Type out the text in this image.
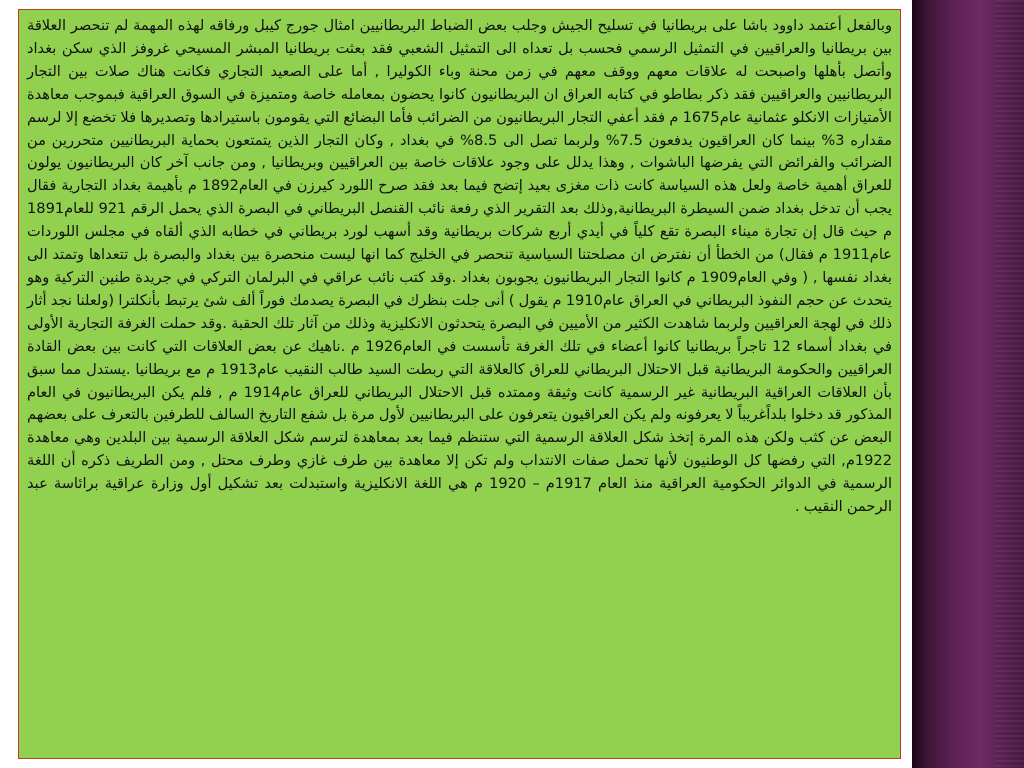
وبالفعل أعتمد داوود باشا على بريطانيا في تسليح الجيش وجلب بعض الضباط البريطانيين امثال جورج كيبل ورفاقه لهذه المهمة لم تنحصر العلاقة بين بريطانيا والعراقيين في التمثيل الرسمي فحسب بل تعداه الى التمثيل الشعبي فقد بعثت بريطانيا المبشر المسيحي غروفز الذي سكن بغداد وأتصل بأهلها واصبحت له علاقات معهم ووقف معهم في زمن محنة وباء الكوليرا , أما على الصعيد التجاري فكانت هناك صلات بين التجار البريطانيين والعراقيين فقد ذكر بطاطو في كتابه العراق ان البريطانيون كانوا يحضون بمعامله خاصة ومتميزة في السوق العراقية فبموجب معاهدة الأمتيازات الانكلو عثمانية عام1675 م فقد أعفي التجار البريطانيون من الضرائب فأما البضائع التي يقومون باستيرادها وتصديرها فلا تخضع إلا لرسم مقداره 3% بينما كان العراقيون يدفعون 7.5% ولربما تصل الى 8.5% في بغداد , وكان التجار الذين يتمتعون بحماية البريطانيين متحررين من الضرائب والفرائض التي يفرضها الباشوات , وهذا يدلل على وجود علاقات خاصة بين العراقيين وبريطانيا , ومن جانب آخر كان البريطانيون يولون للعراق أهمية خاصة ولعل هذه السياسة كانت ذات مغزى بعيد إتضح فيما بعد فقد صرح اللورد كيرزن في العام1892 م بأهيمة بغداد التجارية فقال يجب أن تدخل بغداد ضمن السيطرة البريطانية,وذلك بعد التقرير الذي رفعة نائب القنصل البريطاني في البصرة الذي يحمل الرقم 921 للعام1891 م حيث قال إن تجارة ميناء البصرة تقع كلياً في أيدي أربع شركات بريطانية وقد أسهب لورد بريطاني في خطابه الذي ألقاه في مجلس اللوردات عام1911 م فقال) من الخطأ أن نفترض ان مصلحتنا السياسية تنحصر في الخليج كما انها ليست منحصرة بين بغداد والبصرة بل تتعداها وتمتد الى بغداد نفسها , ( وفي العام1909 م كانوا التجار البريطانيون يجوبون بغداد .وقد كتب نائب عراقي في البرلمان التركي في جريدة طنين التركية وهو يتحدث عن حجم النفوذ البريطاني في العراق عام1910 م يقول ) أنى جلت بنظرك في البصرة يصدمك فوراً ألف شئ يرتبط بأنكلترا (ولعلنا نجد أثار ذلك في لهجة العراقيين ولربما شاهدت الكثير من الأميين في البصرة يتحدثون الانكليزية وذلك من آثار تلك الحقبة .وقد حملت الغرفة التجارية الأولى في بغداد أسماء 12 تاجراً بريطانيا كانوا أعضاء في تلك الغرفة تأسست في العام1926 م .ناهيك عن بعض العلاقات التي كانت بين بعض القادة العراقيين والحكومة البريطانية قبل الاحتلال البريطاني للعراق كالعلاقة التي ربطت السيد طالب النقيب عام1913 م مع بريطانيا .يستدل مما سبق بأن العلاقات العراقية البريطانية غير الرسمية كانت وثيقة وممتده قبل الاحتلال البريطاني للعراق عام1914 م , فلم يكن البريطانيون في العام المذكور قد دخلوا بلداًغريباً لا يعرفونه ولم يكن العراقيون يتعرفون على البريطانيين لأول مرة بل شفع التاريخ السالف للطرفين بالتعرف على بعضهم البعض عن كثب ولكن هذه المرة إتخذ شكل العلاقة الرسمية التي ستنظم فيما بعد بمعاهدة لترسم شكل العلاقة الرسمية بين البلدين وهي معاهدة 1922م, التي رفضها كل الوطنيون لأنها تحمل صفات الانتداب ولم تكن إلا معاهدة بين طرف غازي وطرف محتل , ومن الطريف ذكره أن اللغة الرسمية في الدوائر الحكومية العراقية منذ العام 1917م – 1920 م هي اللغة الانكليزية واستبدلت بعد تشكيل أول وزارة عراقية برائاسة عبد الرحمن النقيب .
